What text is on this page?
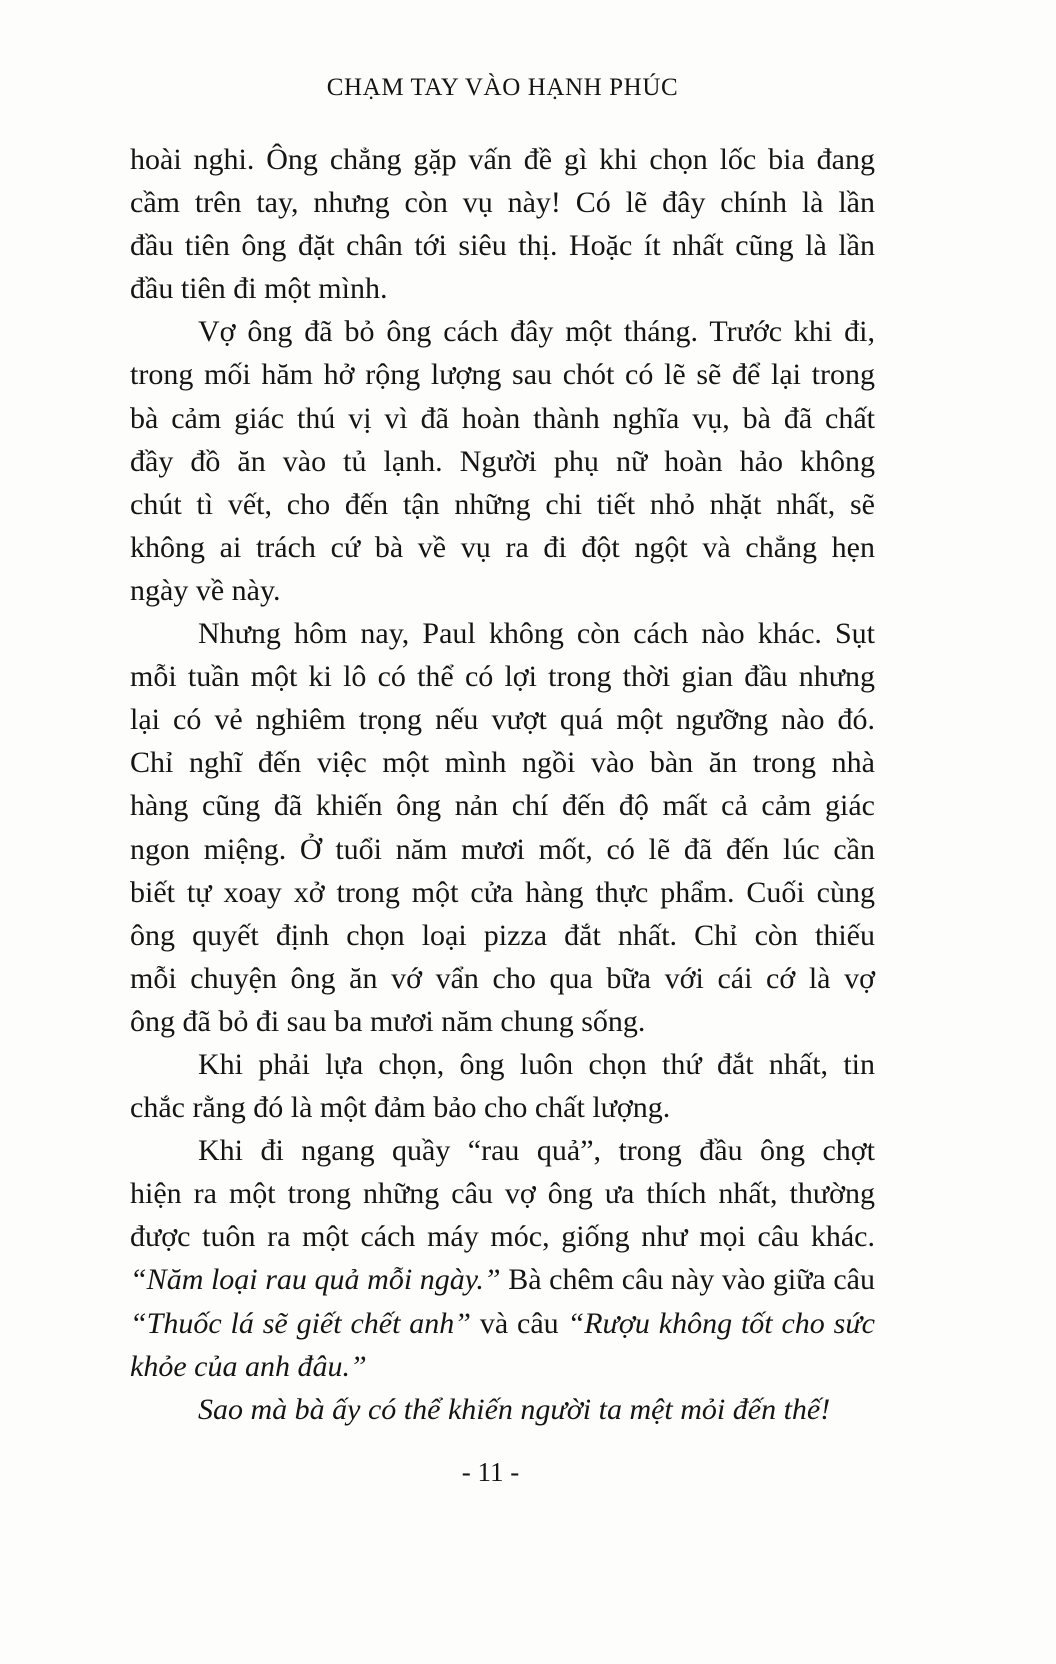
CHẠM TAY VÀO HẠNH PHÚC
hoài nghi. Ông chẳng gặp vấn đề gì khi chọn lốc bia đang
cầm trên tay, nhưng còn vụ này! Có lẽ đây chính là lần
đầu tiên ông đặt chân tới siêu thị. Hoặc ít nhất cũng là lần
đầu tiên đi một mình.
Vợ ông đã bỏ ông cách đây một tháng. Trước khi đi,
trong mối hăm hở rộng lượng sau chót có lẽ sẽ để lại trong
bà cảm giác thú vị vì đã hoàn thành nghĩa vụ, bà đã chất
đầy đồ ăn vào tủ lạnh. Người phụ nữ hoàn hảo không
chút tì vết, cho đến tận những chi tiết nhỏ nhặt nhất, sẽ
không ai trách cứ bà về vụ ra đi đột ngột và chẳng hẹn
ngày về này.
Nhưng hôm nay, Paul không còn cách nào khác. Sụt
mỗi tuần một ki lô có thể có lợi trong thời gian đầu nhưng
lại có vẻ nghiêm trọng nếu vượt quá một ngưỡng nào đó.
Chỉ nghĩ đến việc một mình ngồi vào bàn ăn trong nhà
hàng cũng đã khiến ông nản chí đến độ mất cả cảm giác
ngon miệng. Ở tuổi năm mươi mốt, có lẽ đã đến lúc cần
biết tự xoay xở trong một cửa hàng thực phẩm. Cuối cùng
ông quyết định chọn loại pizza đắt nhất. Chỉ còn thiếu
mỗi chuyện ông ăn vớ vẩn cho qua bữa với cái cớ là vợ
ông đã bỏ đi sau ba mươi năm chung sống.
Khi phải lựa chọn, ông luôn chọn thứ đắt nhất, tin
chắc rằng đó là một đảm bảo cho chất lượng.
Khi đi ngang quầy “rau quả”, trong đầu ông chợt
hiện ra một trong những câu vợ ông ưa thích nhất, thường
được tuôn ra một cách máy móc, giống như mọi câu khác.
“Năm loại rau quả mỗi ngày.” Bà chêm câu này vào giữa câu
“Thuốc lá sẽ giết chết anh” và câu “Rượu không tốt cho sức
khỏe của anh đâu.”
Sao mà bà ấy có thể khiến người ta mệt mỏi đến thế!
- 11 -
